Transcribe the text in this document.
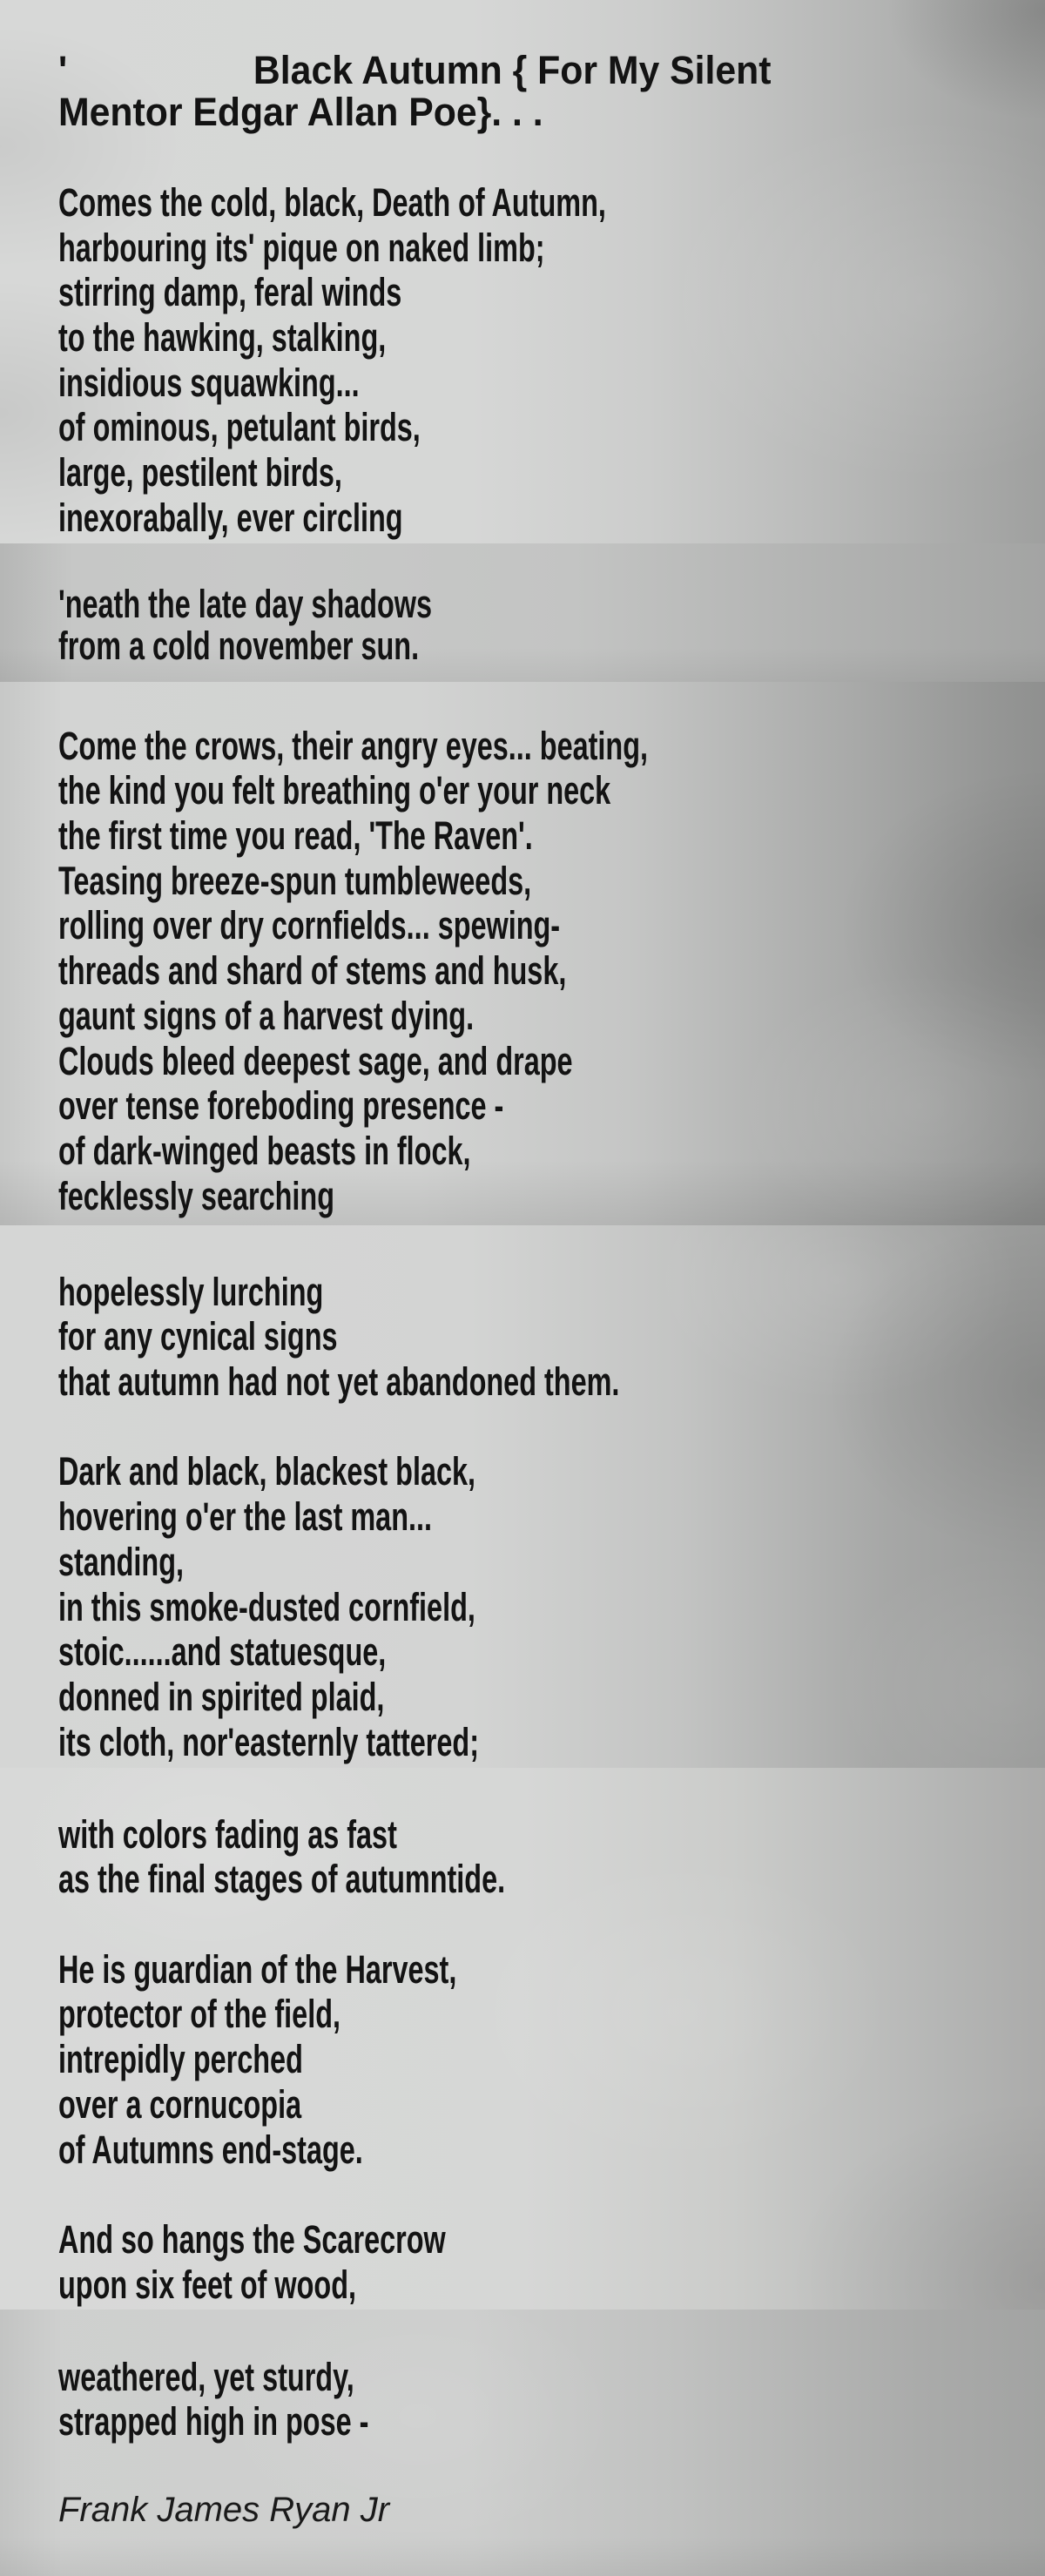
'	Black Autumn { For My Silent
Mentor Edgar Allan Poe}. . .
Comes the cold, black, Death of Autumn,
harbouring its' pique on naked limb;
stirring damp, feral winds
to the hawking, stalking,
insidious squawking...
of ominous, petulant birds,
large, pestilent birds,
inexorabally, ever circling
'neath the late day shadows
from a cold november sun.
Come the crows, their angry eyes... beating,
the kind you felt breathing o'er your neck
the first time you read, 'The Raven'.
Teasing breeze-spun tumbleweeds,
rolling over dry cornfields... spewing-
threads and shard of stems and husk,
gaunt signs of a harvest dying.
Clouds bleed deepest sage, and drape
over tense foreboding presence -
of dark-winged beasts in flock,
fecklessly searching
hopelessly lurching
for any cynical signs
that autumn had not yet abandoned them.
Dark and black, blackest black,
hovering o'er the last man...
standing,
in this smoke-dusted cornfield,
stoic......and statuesque,
donned in spirited plaid,
its cloth, nor'easternly tattered;
with colors fading as fast
as the final stages of autumntide.
He is guardian of the Harvest,
protector of the field,
intrepidly perched
over a cornucopia
of Autumns end-stage.
And so hangs the Scarecrow
upon six feet of wood,
weathered, yet sturdy,
strapped high in pose -
Frank James Ryan Jr
